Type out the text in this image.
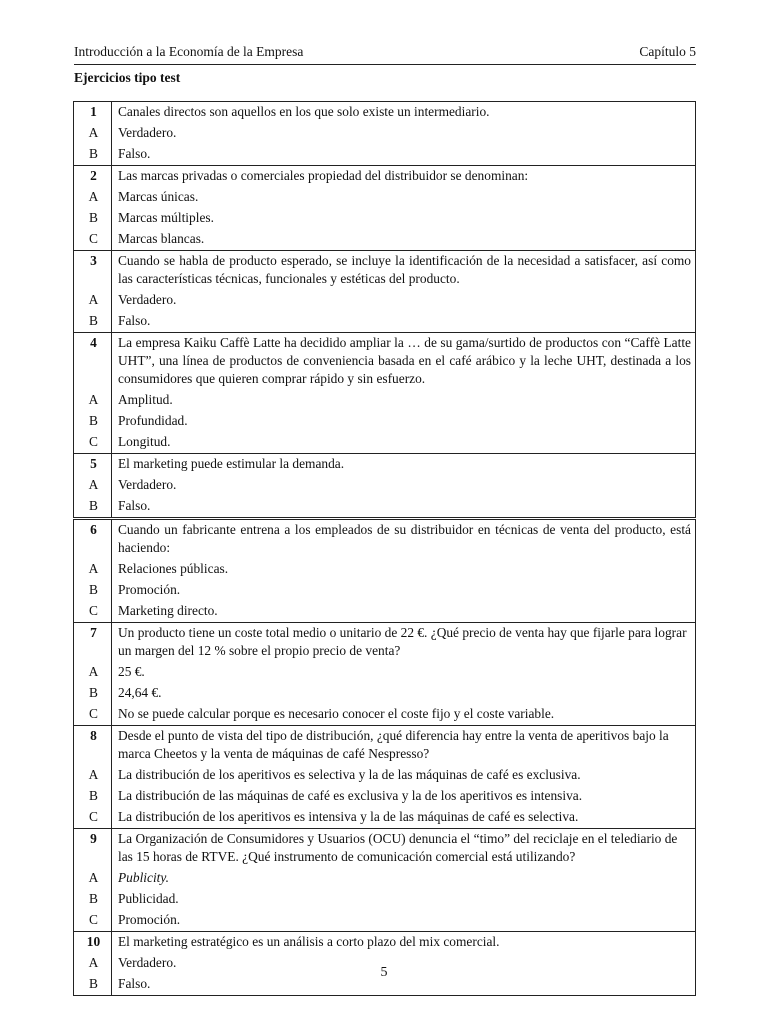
Introducción a la Economía de la Empresa	Capítulo 5
Ejercicios tipo test
1	Canales directos son aquellos en los que solo existe un intermediario.
A	Verdadero.
B	Falso.
2	Las marcas privadas o comerciales propiedad del distribuidor se denominan:
A	Marcas únicas.
B	Marcas múltiples.
C	Marcas blancas.
3	Cuando se habla de producto esperado, se incluye la identificación de la necesidad a satisfacer, así como las características técnicas, funcionales y estéticas del producto.
A	Verdadero.
B	Falso.
4	La empresa Kaiku Caffè Latte ha decidido ampliar la … de su gama/surtido de productos con “Caffè Latte UHT”, una línea de productos de conveniencia basada en el café arábico y la leche UHT, destinada a los consumidores que quieren comprar rápido y sin esfuerzo.
A	Amplitud.
B	Profundidad.
C	Longitud.
5	El marketing puede estimular la demanda.
A	Verdadero.
B	Falso.
6	Cuando un fabricante entrena a los empleados de su distribuidor en técnicas de venta del producto, está haciendo:
A	Relaciones públicas.
B	Promoción.
C	Marketing directo.
7	Un producto tiene un coste total medio o unitario de 22 €. ¿Qué precio de venta hay que fijarle para lograr un margen del 12 % sobre el propio precio de venta?
A	25 €.
B	24,64 €.
C	No se puede calcular porque es necesario conocer el coste fijo y el coste variable.
8	Desde el punto de vista del tipo de distribución, ¿qué diferencia hay entre la venta de aperitivos bajo la marca Cheetos y la venta de máquinas de café Nespresso?
A	La distribución de los aperitivos es selectiva y la de las máquinas de café es exclusiva.
B	La distribución de las máquinas de café es exclusiva y la de los aperitivos es intensiva.
C	La distribución de los aperitivos es intensiva y la de las máquinas de café es selectiva.
9	La Organización de Consumidores y Usuarios (OCU) denuncia el “timo” del reciclaje en el telediario de las 15 horas de RTVE. ¿Qué instrumento de comunicación comercial está utilizando?
A	Publicity.
B	Publicidad.
C	Promoción.
10	El marketing estratégico es un análisis a corto plazo del mix comercial.
A	Verdadero.
B	Falso.
5
